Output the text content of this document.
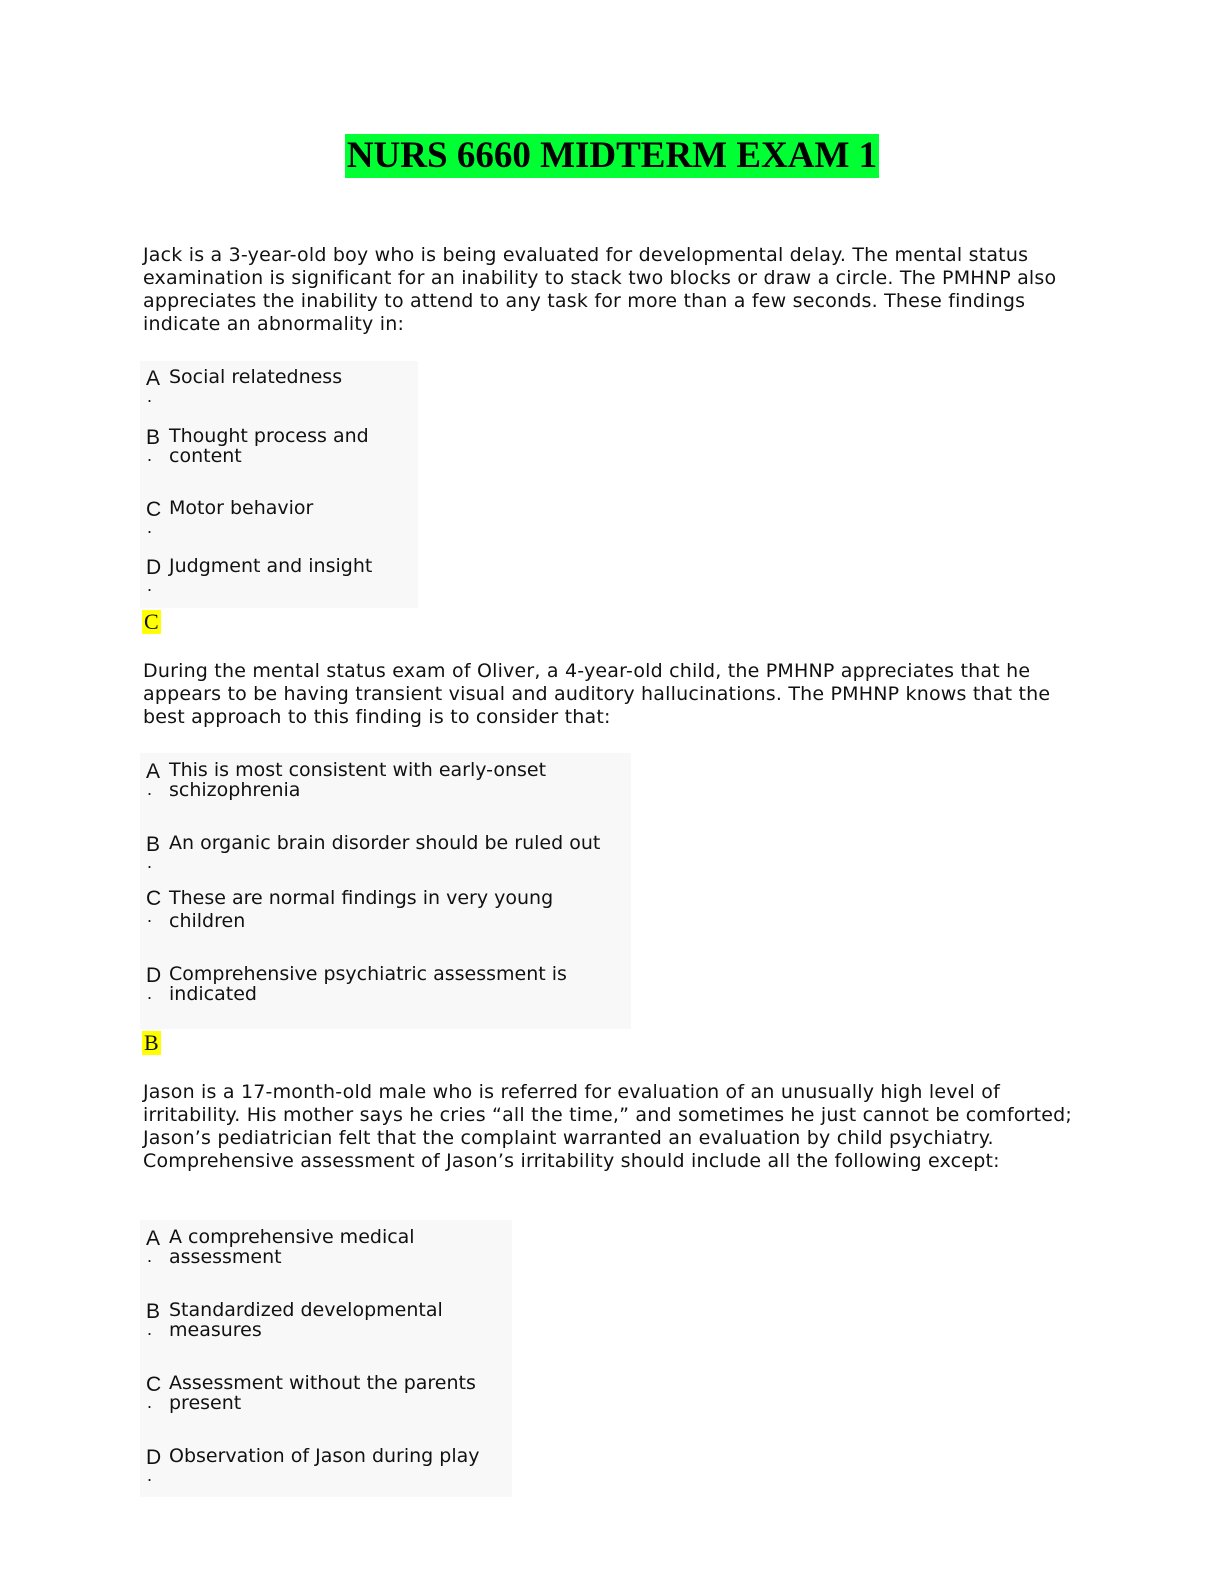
NURS 6660 MIDTERM EXAM 1

Jack is a 3-year-old boy who is being evaluated for developmental delay. The mental status examination is significant for an inability to stack two blocks or draw a circle. The PMHNP also appreciates the inability to attend to any task for more than a few seconds. These findings indicate an abnormality in:

A
.
Social relatedness
B
.
Thought process and content
C
.
Motor behavior
D
.
Judgment and insight
C

During the mental status exam of Oliver, a 4-year-old child, the PMHNP appreciates that he appears to be having transient visual and auditory hallucinations. The PMHNP knows that the best approach to this finding is to consider that:

A
.
This is most consistent with early-onset schizophrenia
B
.
An organic brain disorder should be ruled out
C
.
These are normal findings in very young children
D
.
Comprehensive psychiatric assessment is indicated
B

Jason is a 17-month-old male who is referred for evaluation of an unusually high level of irritability. His mother says he cries “all the time,” and sometimes he just cannot be comforted; Jason’s pediatrician felt that the complaint warranted an evaluation by child psychiatry. Comprehensive assessment of Jason’s irritability should include all the following except:

A
.
A comprehensive medical assessment
B
.
Standardized developmental measures
C
.
Assessment without the parents present
D
.
Observation of Jason during play
